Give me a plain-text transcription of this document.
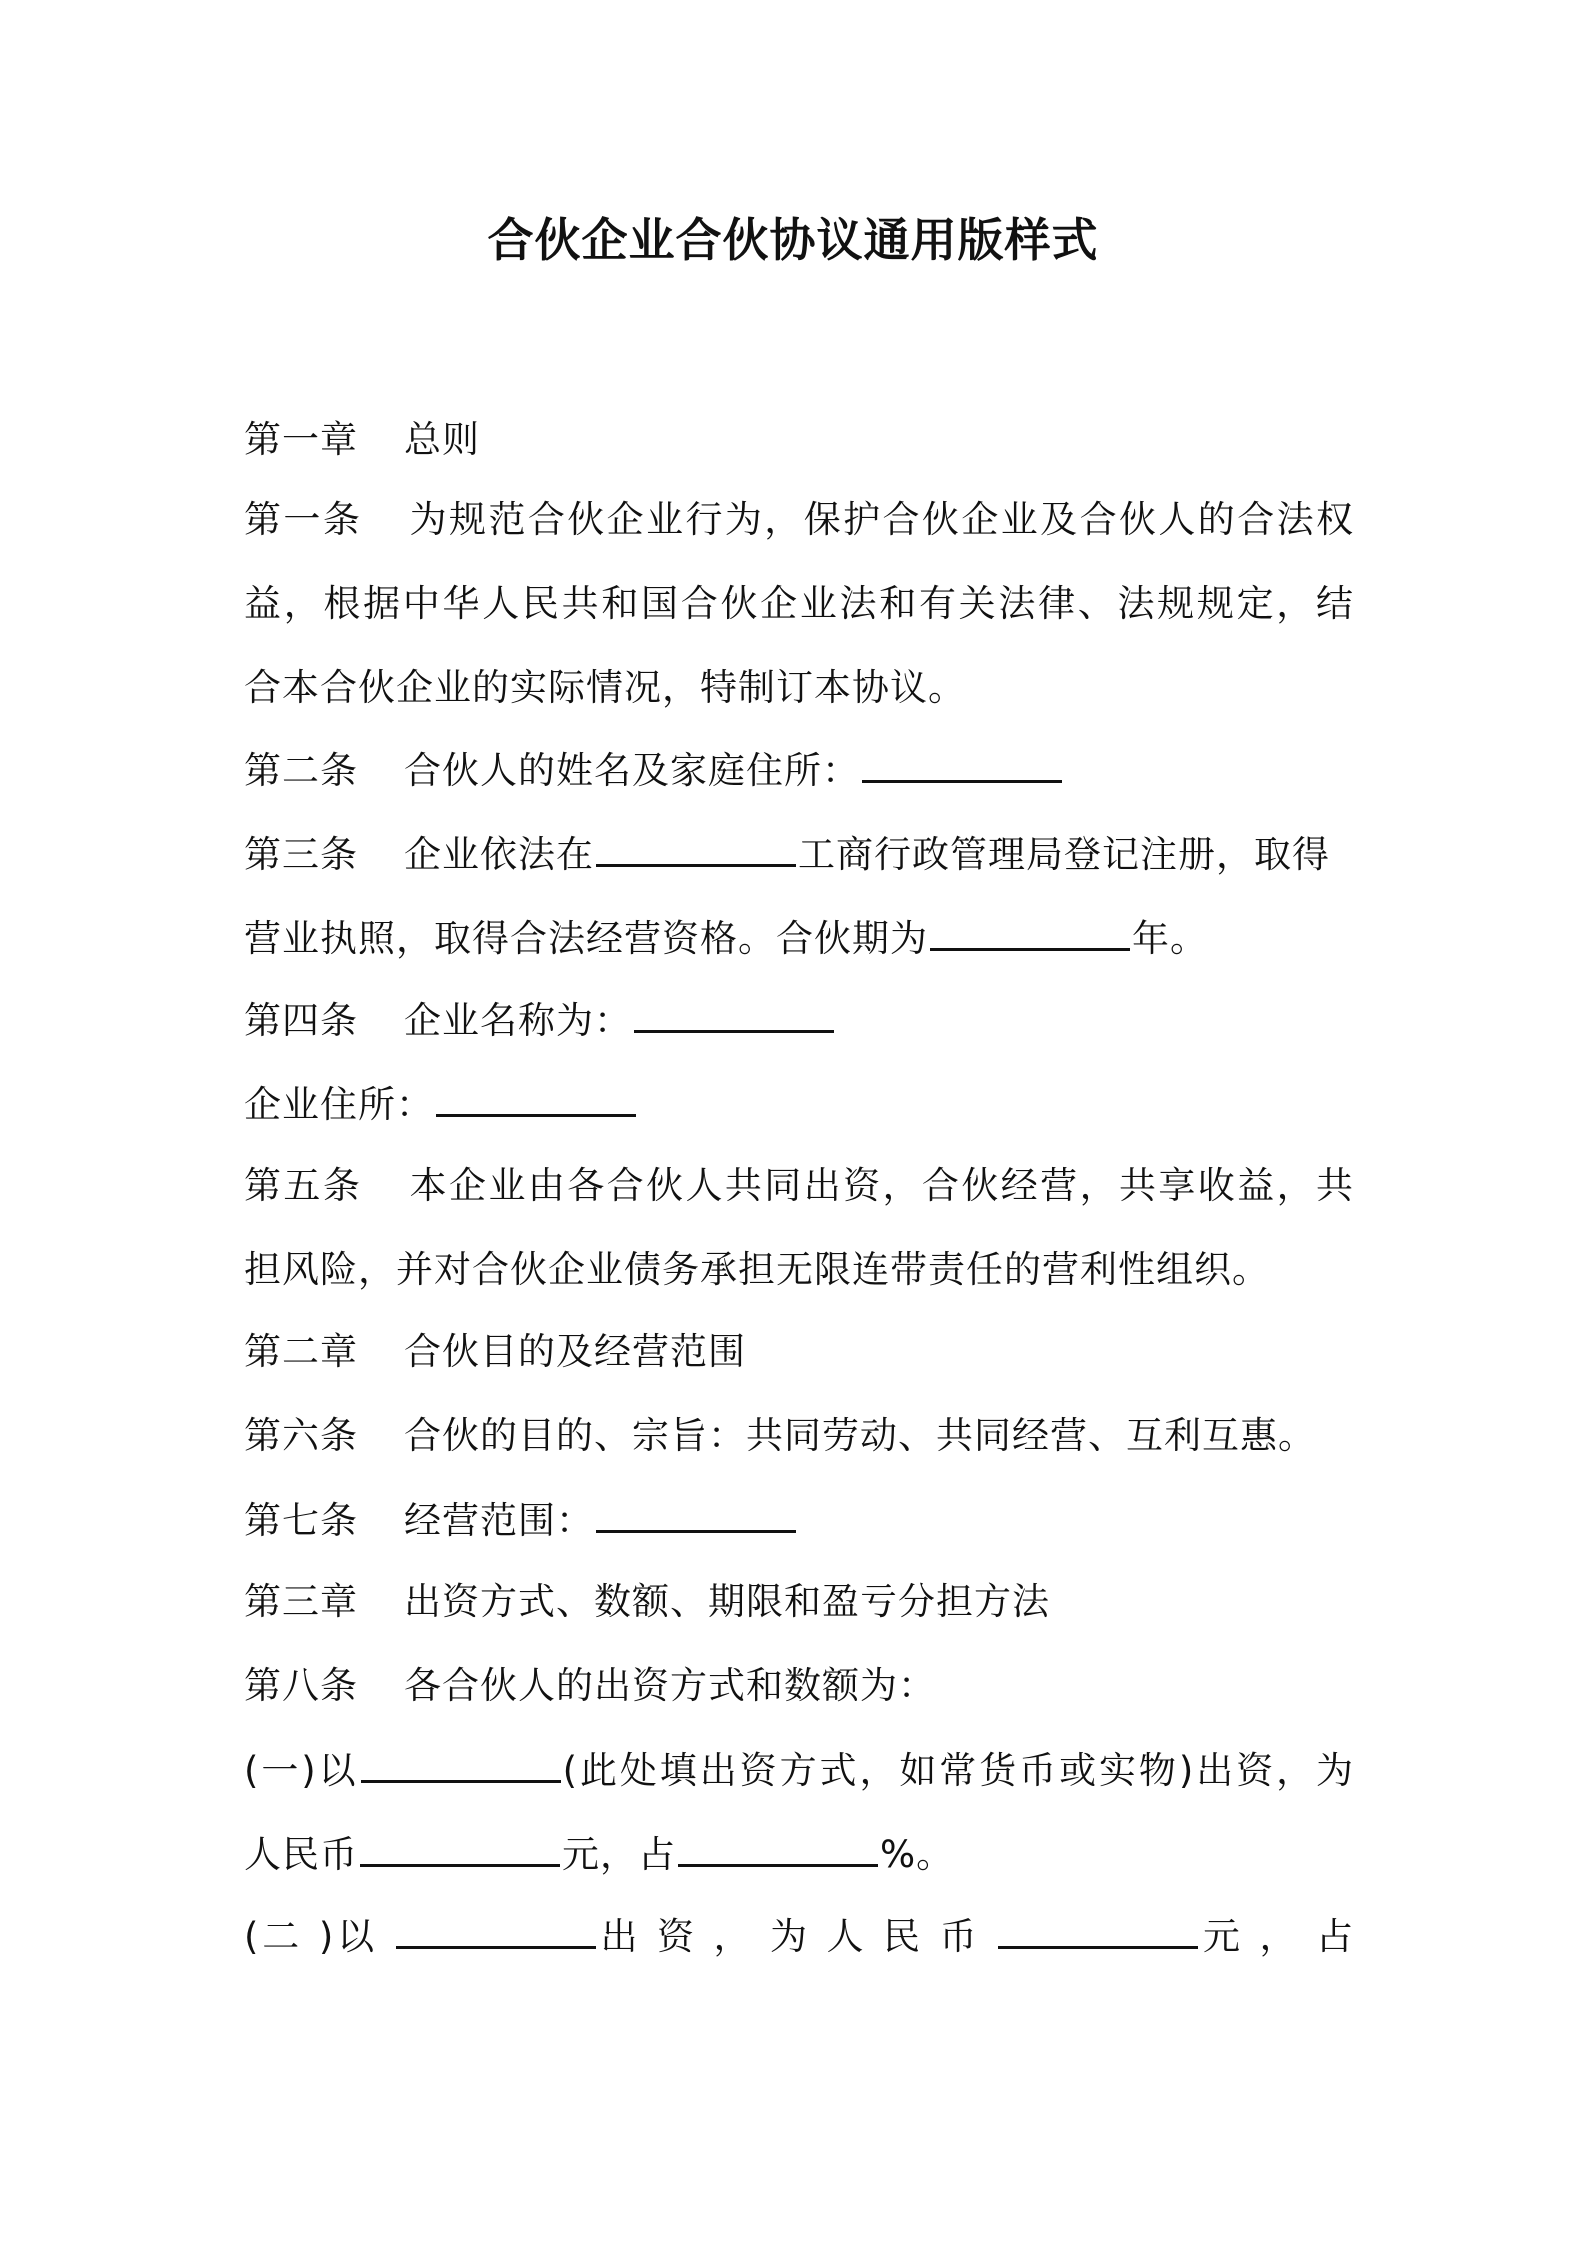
合伙企业合伙协议通用版样式
第一章 总则
第一条 为规范合伙企业行为，保护合伙企业及合伙人的合法权
益，根据中华人民共和国合伙企业法和有关法律、法规规定，结
合本合伙企业的实际情况，特制订本协议。
第二条 合伙人的姓名及家庭住所：
第三条 企业依法在	工商行政管理局登记注册，取得
营业执照，取得合法经营资格。合伙期为	年。
第四条 企业名称为：
企业住所：
第五条 本企业由各合伙人共同出资，合伙经营，共享收益，共
担风险，并对合伙企业债务承担无限连带责任的营利性组织。
第二章 合伙目的及经营范围
第六条 合伙的目的、宗旨：共同劳动、共同经营、互利互惠。
第七条 经营范围：
第三章 出资方式、数额、期限和盈亏分担方法
第八条 各合伙人的出资方式和数额为：
(一)以	(此处填出资方式，如常货币或实物)出资，为
人民币	元，占	%。
(二 )以	出 资 ， 为 人 民 币	元 ， 占
